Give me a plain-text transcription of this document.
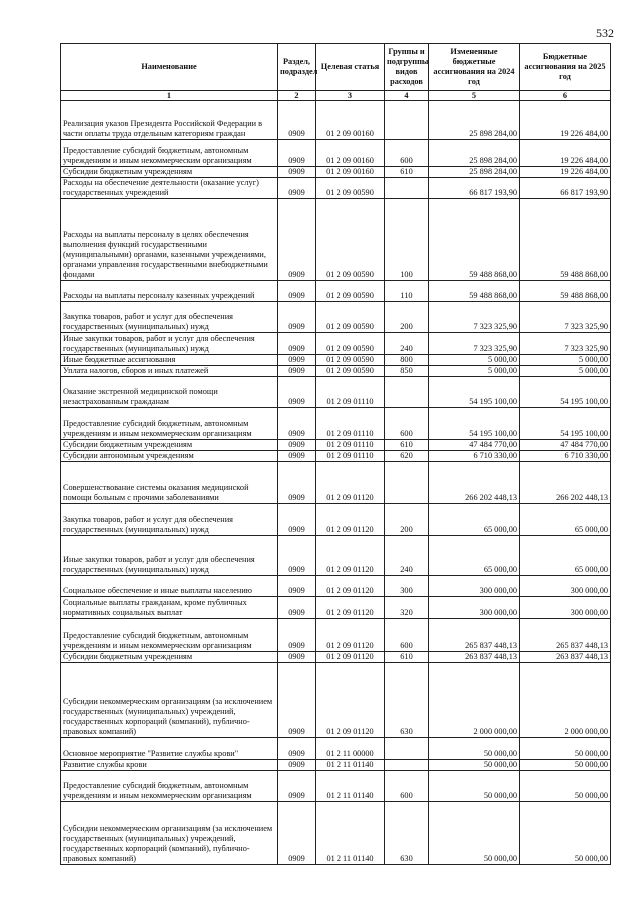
532
Наименование	Раздел, подраздел	Целевая статья	Группы и подгруппы видов расходов	Измененные бюджетные ассигнования на 2024 год	Бюджетные ассигнования на 2025 год
1	2	3	4	5	6
Реализация указов Президента Российской Федерации в части оплаты труда отдельным категориям граждан	0909	01 2 09 00160		25 898 284,00	19 226 484,00
Предоставление субсидий бюджетным, автономным учреждениям и иным некоммерческим организациям	0909	01 2 09 00160	600	25 898 284,00	19 226 484,00
Субсидии бюджетным учреждениям	0909	01 2 09 00160	610	25 898 284,00	19 226 484,00
Расходы на обеспечение деятельности (оказание услуг) государственных учреждений	0909	01 2 09 00590		66 817 193,90	66 817 193,90
Расходы на выплаты персоналу в целях обеспечения выполнения функций государственными (муниципальными) органами, казенными учреждениями, органами управления государственными внебюджетными фондами	0909	01 2 09 00590	100	59 488 868,00	59 488 868,00
Расходы на выплаты персоналу казенных учреждений	0909	01 2 09 00590	110	59 488 868,00	59 488 868,00
Закупка товаров, работ и услуг для обеспечения государственных (муниципальных) нужд	0909	01 2 09 00590	200	7 323 325,90	7 323 325,90
Иные закупки товаров, работ и услуг для обеспечения государственных (муниципальных) нужд	0909	01 2 09 00590	240	7 323 325,90	7 323 325,90
Иные бюджетные ассигнования	0909	01 2 09 00590	800	5 000,00	5 000,00
Уплата налогов, сборов и иных платежей	0909	01 2 09 00590	850	5 000,00	5 000,00
Оказание экстренной медицинской помощи незастрахованным гражданам	0909	01 2 09 01110		54 195 100,00	54 195 100,00
Предоставление субсидий бюджетным, автономным учреждениям и иным некоммерческим организациям	0909	01 2 09 01110	600	54 195 100,00	54 195 100,00
Субсидии бюджетным учреждениям	0909	01 2 09 01110	610	47 484 770,00	47 484 770,00
Субсидии автономным учреждениям	0909	01 2 09 01110	620	6 710 330,00	6 710 330,00
Совершенствование системы оказания медицинской помощи больным с прочими заболеваниями	0909	01 2 09 01120		266 202 448,13	266 202 448,13
Закупка товаров, работ и услуг для обеспечения государственных (муниципальных) нужд	0909	01 2 09 01120	200	65 000,00	65 000,00
Иные закупки товаров, работ и услуг для обеспечения государственных (муниципальных) нужд	0909	01 2 09 01120	240	65 000,00	65 000,00
Социальное обеспечение и иные выплаты населению	0909	01 2 09 01120	300	300 000,00	300 000,00
Социальные выплаты гражданам, кроме публичных нормативных социальных выплат	0909	01 2 09 01120	320	300 000,00	300 000,00
Предоставление субсидий бюджетным, автономным учреждениям и иным некоммерческим организациям	0909	01 2 09 01120	600	265 837 448,13	265 837 448,13
Субсидии бюджетным учреждениям	0909	01 2 09 01120	610	263 837 448,13	263 837 448,13
Субсидии некоммерческим организациям (за исключением государственных (муниципальных) учреждений, государственных корпораций (компаний), публично-правовых компаний)	0909	01 2 09 01120	630	2 000 000,00	2 000 000,00
Основное мероприятие "Развитие службы крови"	0909	01 2 11 00000		50 000,00	50 000,00
Развитие службы крови	0909	01 2 11 01140		50 000,00	50 000,00
Предоставление субсидий бюджетным, автономным учреждениям и иным некоммерческим организациям	0909	01 2 11 01140	600	50 000,00	50 000,00
Субсидии некоммерческим организациям (за исключением государственных (муниципальных) учреждений, государственных корпораций (компаний), публично-правовых компаний)	0909	01 2 11 01140	630	50 000,00	50 000,00
